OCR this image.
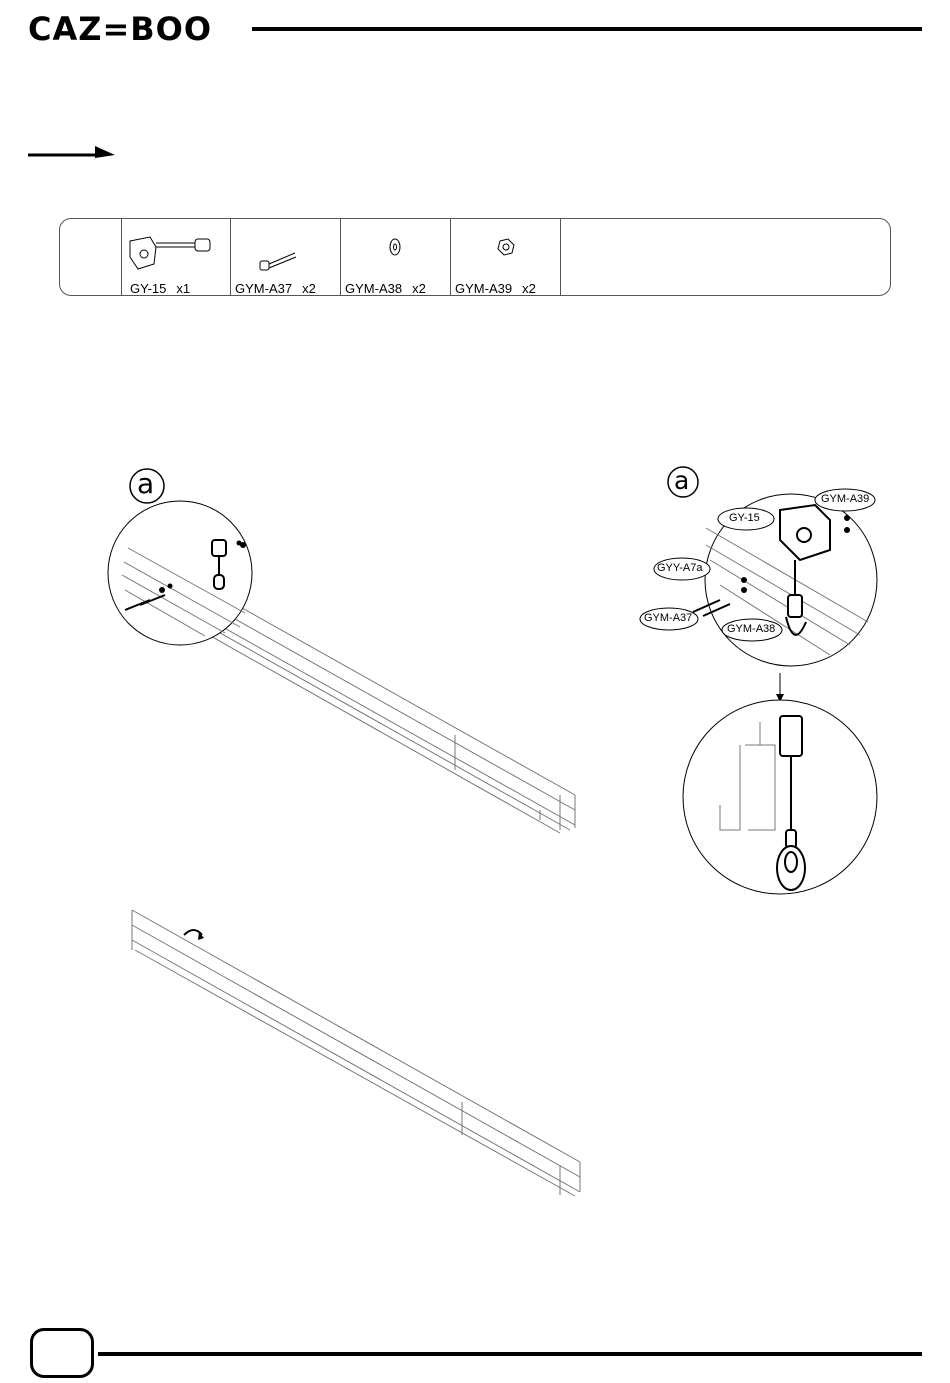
CAZ=BOO
a	a
GY-15
GYM-A39
GYY-A7a
GYM-A37
GYM-A38
GY-15 x1	GYM-A37 x2 GYM-A38 x2 GYM-A39 x2
